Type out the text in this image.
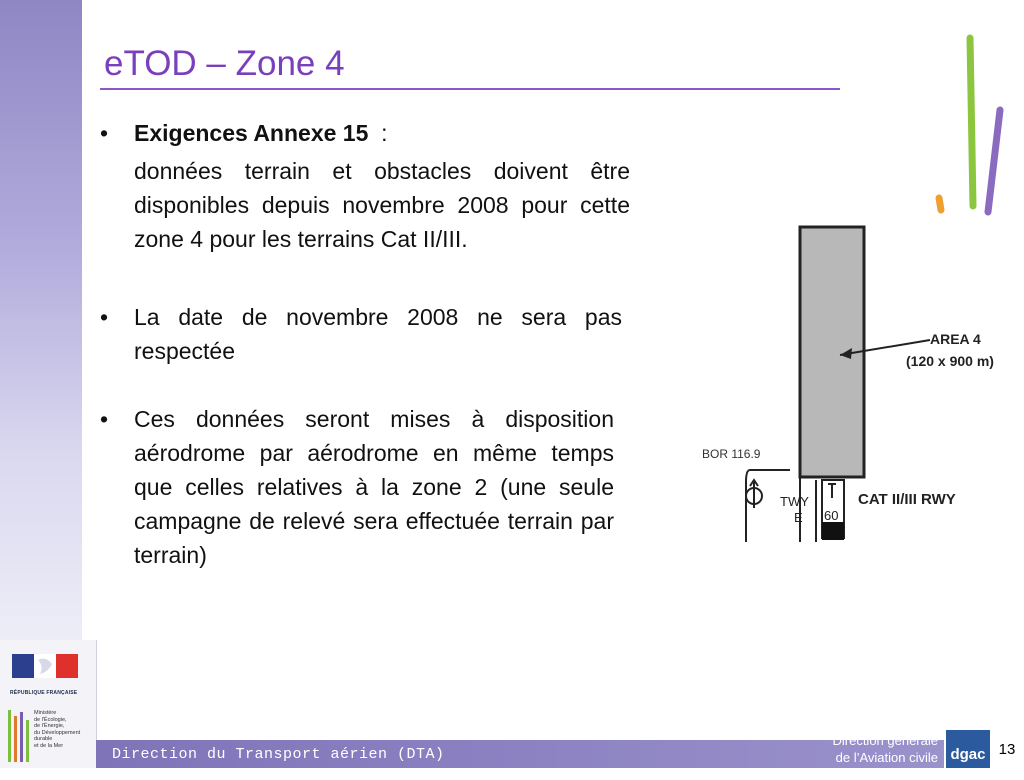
RÉPUBLIQUE FRANÇAISE
Ministère
de l'Écologie,
de l'Énergie,
du Développement
durable
et de la Mer
eTOD – Zone 4
•	Exigences Annexe 15  :
données terrain et obstacles doivent être disponibles depuis novembre 2008 pour cette zone 4 pour les terrains Cat II/III.
•	La date de novembre 2008 ne sera pas respectée
•	Ces données seront mises à disposition aérodrome par aérodrome en même temps que celles relatives à la zone 2 (une seule campagne de relevé sera effectuée terrain par terrain)
AREA 4
(120 x 900 m)
BOR 116.9
TWY
E 60
CAT II/III RWY
Direction du Transport aérien (DTA)
Direction générale
de l’Aviation civile dgac 13
